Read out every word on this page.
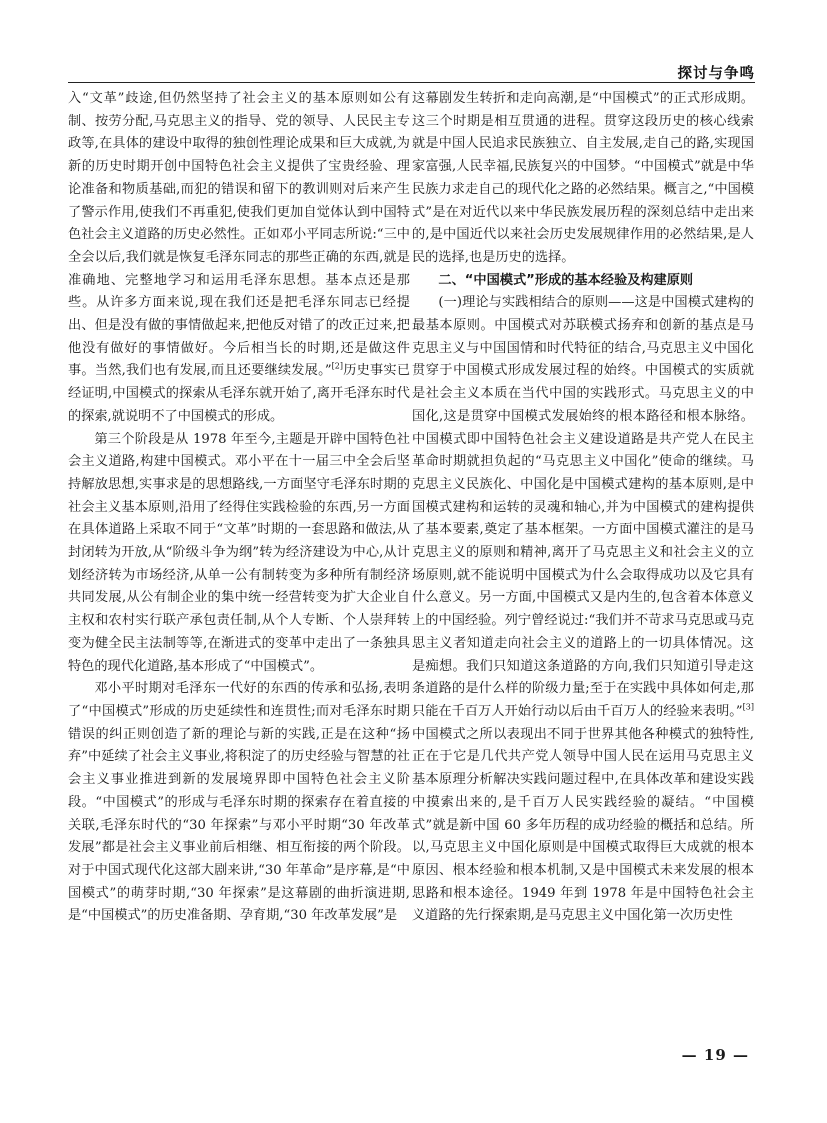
探讨与争鸣

入“文革”歧途,但仍然坚持了社会主义的基本原则如公有制、按劳分配,马克思主义的指导、党的领导、人民民主专政等,在具体的建设中取得的独创性理论成果和巨大成就,为新的历史时期开创中国特色社会主义提供了宝贵经验、理论准备和物质基础,而犯的错误和留下的教训则对后来产生了警示作用,使我们不再重犯,使我们更加自觉体认到中国特色社会主义道路的历史必然性。正如邓小平同志所说:“三中全会以后,我们就是恢复毛泽东同志的那些正确的东西,就是准确地、完整地学习和运用毛泽东思想。基本点还是那些。从许多方面来说,现在我们还是把毛泽东同志已经提出、但是没有做的事情做起来,把他反对错了的改正过来,把他没有做好的事情做好。今后相当长的时期,还是做这件事。当然,我们也有发展,而且还要继续发展。”[2]历史事实已经证明,中国模式的探索从毛泽东就开始了,离开毛泽东时代的探索,就说明不了中国模式的形成。

第三个阶段是从 1978 年至今,主题是开辟中国特色社会主义道路,构建中国模式。邓小平在十一届三中全会后坚持解放思想,实事求是的思想路线,一方面坚守毛泽东时期的社会主义基本原则,沿用了经得住实践检验的东西,另一方面在具体道路上采取不同于“文革”时期的一套思路和做法,从封闭转为开放,从“阶级斗争为纲”转为经济建设为中心,从计划经济转为市场经济,从单一公有制转变为多种所有制经济共同发展,从公有制企业的集中统一经营转变为扩大企业自主权和农村实行联产承包责任制,从个人专断、个人崇拜转变为健全民主法制等等,在渐进式的变革中走出了一条独具特色的现代化道路,基本形成了“中国模式”。

邓小平时期对毛泽东一代好的东西的传承和弘扬,表明了“中国模式”形成的历史延续性和连贯性;而对毛泽东时期错误的纠正则创造了新的理论与新的实践,正是在这种“扬弃”中延续了社会主义事业,将积淀了的历史经验与智慧的社会主义事业推进到新的发展境界即中国特色社会主义阶段。“中国模式”的形成与毛泽东时期的探索存在着直接的关联,毛泽东时代的“30 年探索”与邓小平时期“30 年改革发展”都是社会主义事业前后相继、相互衔接的两个阶段。对于中国式现代化这部大剧来讲,“30 年革命”是序幕,是“中国模式”的萌芽时期,“30 年探索”是这幕剧的曲折演进期,是“中国模式”的历史准备期、孕育期,“30 年改革发展”是

这幕剧发生转折和走向高潮,是“中国模式”的正式形成期。这三个时期是相互贯通的进程。贯穿这段历史的核心线索就是中国人民追求民族独立、自主发展,走自己的路,实现国家富强,人民幸福,民族复兴的中国梦。“中国模式”就是中华民族力求走自己的现代化之路的必然结果。概言之,“中国模式”是在对近代以来中华民族发展历程的深刻总结中走出来的,是中国近代以来社会历史发展规律作用的必然结果,是人民的选择,也是历史的选择。

二、“中国模式”形成的基本经验及构建原则

(一)理论与实践相结合的原则——这是中国模式建构的最基本原则。中国模式对苏联模式扬弃和创新的基点是马克思主义与中国国情和时代特征的结合,马克思主义中国化贯穿于中国模式形成发展过程的始终。中国模式的实质就是社会主义本质在当代中国的实践形式。马克思主义的中国化,这是贯穿中国模式发展始终的根本路径和根本脉络。中国模式即中国特色社会主义建设道路是共产党人在民主革命时期就担负起的“马克思主义中国化”使命的继续。马克思主义民族化、中国化是中国模式建构的基本原则,是中国模式建构和运转的灵魂和轴心,并为中国模式的建构提供了基本要素,奠定了基本框架。一方面中国模式灌注的是马克思主义的原则和精神,离开了马克思主义和社会主义的立场原则,就不能说明中国模式为什么会取得成功以及它具有什么意义。另一方面,中国模式又是内生的,包含着本体意义上的中国经验。列宁曾经说过:“我们并不苛求马克思或马克思主义者知道走向社会主义的道路上的一切具体情况。这是痴想。我们只知道这条道路的方向,我们只知道引导走这条道路的是什么样的阶级力量;至于在实践中具体如何走,那只能在千百万人开始行动以后由千百万人的经验来表明。”[3]中国模式之所以表现出不同于世界其他各种模式的独特性,正在于它是几代共产党人领导中国人民在运用马克思主义基本原理分析解决实践问题过程中,在具体改革和建设实践中摸索出来的,是千百万人民实践经验的凝结。“中国模式”就是新中国 60 多年历程的成功经验的概括和总结。所以,马克思主义中国化原则是中国模式取得巨大成就的根本原因、根本经验和根本机制,又是中国模式未来发展的根本思路和根本途径。1949 年到 1978 年是中国特色社会主义道路的先行探索期,是马克思主义中国化第一次历史性

— 19 —
